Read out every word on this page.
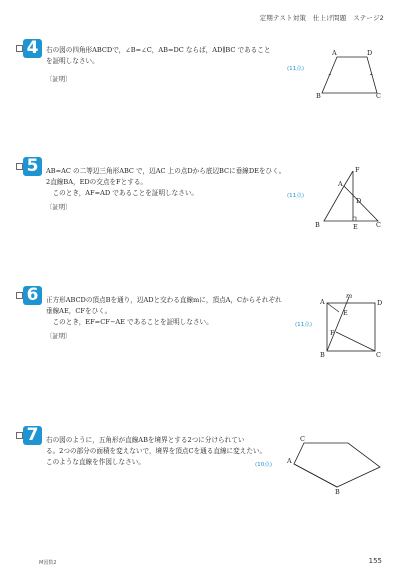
定期テスト対策　仕上げ問題　ステージ2
4	右の図の四角形ABCDで，∠B=∠C，AB=DC ならば，AD∥BC であること
を証明しなさい。
(11点)
〔証明〕
A	D
B	C
5	AB=AC の二等辺三角形ABC で，辺AC 上の点Dから底辺BCに垂線DEをひく。
2直線BA，EDの交点をFとする。
　このとき，AF=AD であることを証明しなさい。	(11点)
〔証明〕
F
A
D
B	E	C
6	正方形ABCDの頂点Bを通り，辺ADと交わる直線mに，頂点A，Cからそれぞれ
垂線AE，CFをひく。
　このとき，EF=CF−AE であることを証明しなさい。	(11点)
〔証明〕
m
A	D
E
F
B	C
7	右の図のように，五角形が直線ABを境界とする2つに分けられてい
る。2つの部分の面積を変えないで，境界を頂点Cを通る直線に変えたい。
このような直線を作図しなさい。	(10点)
C
A
B
M図数2	155
